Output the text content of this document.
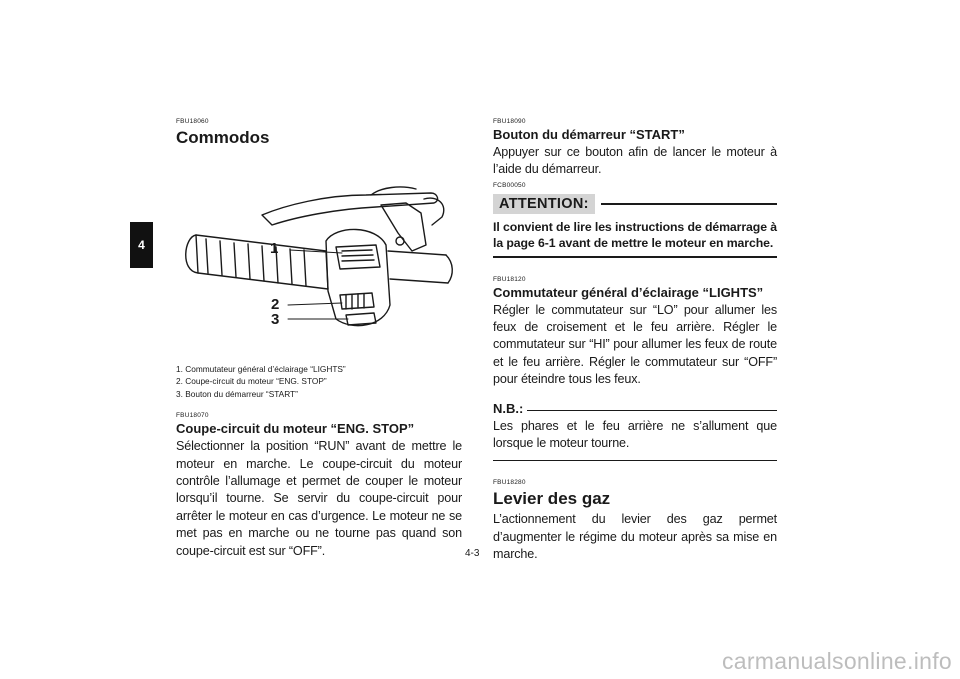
4

FBU18060

Commodos
1
2
3
1. Commutateur général d’éclairage “LIGHTS”
2. Coupe-circuit du moteur “ENG. STOP”
3. Bouton du démarreur “START”

FBU18070

Coupe-circuit du moteur “ENG. STOP”

Sélectionner la position “RUN” avant de mettre le moteur en marche. Le coupe-circuit du moteur contrôle l’allumage et permet de couper le moteur lorsqu’il tourne. Se servir du coupe-circuit pour arrêter le moteur en cas d’urgence. Le moteur ne se met pas en marche ou ne tourne pas quand son coupe-circuit est sur “OFF”.

FBU18090

Bouton du démarreur “START”

Appuyer sur ce bouton afin de lancer le moteur à l’aide du démarreur.

FCB00050

ATTENTION:

Il convient de lire les instructions de démarrage à la page 6-1 avant de mettre le moteur en marche.

FBU18120

Commutateur général d’éclairage “LIGHTS”

Régler le commutateur sur “LO” pour allumer les feux de croisement et le feu arrière. Régler le commutateur sur “HI” pour allumer les feux de route et le feu arrière. Régler le commutateur sur “OFF” pour éteindre tous les feux.

N.B.:

Les phares et le feu arrière ne s’allument que lorsque le moteur tourne.

FBU18280

Levier des gaz

L’actionnement du levier des gaz permet d’augmenter le régime du moteur après sa mise en marche.

4-3
carmanualsonline.info
